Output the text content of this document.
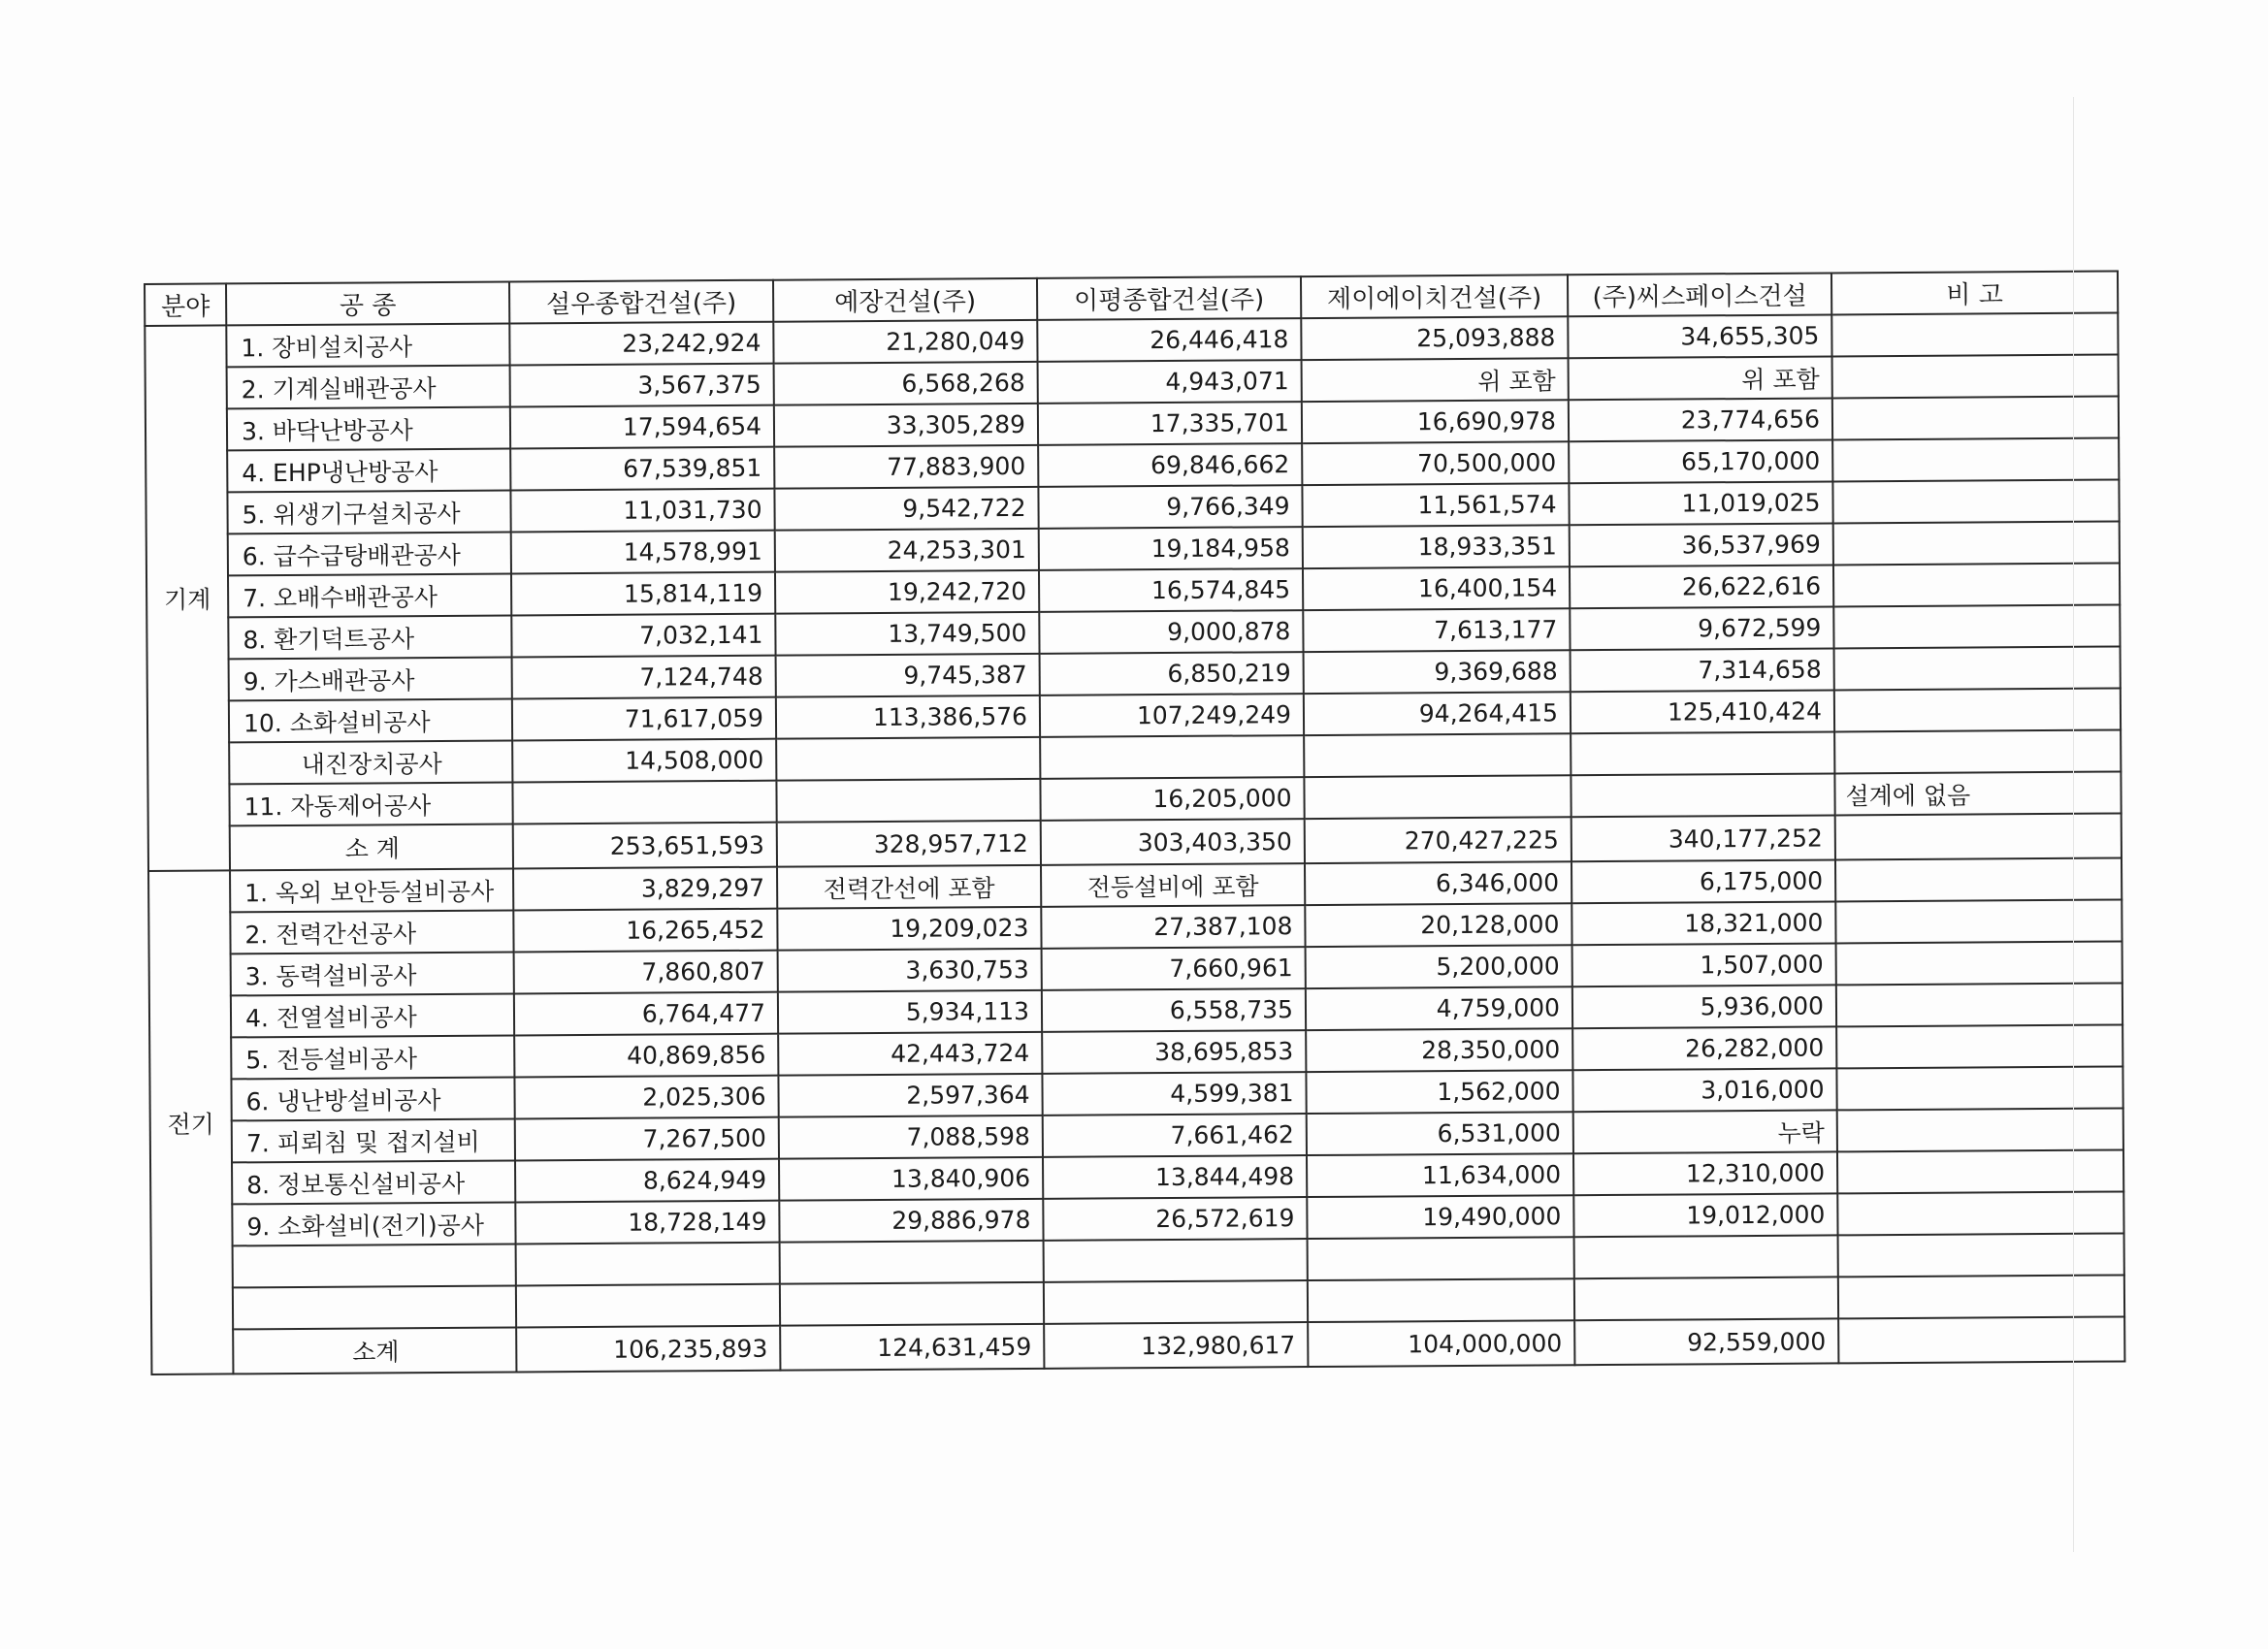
분야	공 종	설우종합건설(주)	예장건설(주)	이평종합건설(주)	제이에이치건설(주)	(주)씨스페이스건설	비 고
기계	1. 장비설치공사	23,242,924	21,280,049	26,446,418	25,093,888	34,655,305	
	2. 기계실배관공사	3,567,375	6,568,268	4,943,071	위 포함	위 포함	
	3. 바닥난방공사	17,594,654	33,305,289	17,335,701	16,690,978	23,774,656	
	4. EHP냉난방공사	67,539,851	77,883,900	69,846,662	70,500,000	65,170,000	
	5. 위생기구설치공사	11,031,730	9,542,722	9,766,349	11,561,574	11,019,025	
	6. 급수급탕배관공사	14,578,991	24,253,301	19,184,958	18,933,351	36,537,969	
	7. 오배수배관공사	15,814,119	19,242,720	16,574,845	16,400,154	26,622,616	
	8. 환기덕트공사	7,032,141	13,749,500	9,000,878	7,613,177	9,672,599	
	9. 가스배관공사	7,124,748	9,745,387	6,850,219	9,369,688	7,314,658	
	10. 소화설비공사	71,617,059	113,386,576	107,249,249	94,264,415	125,410,424	
	내진장치공사	14,508,000					
	11. 자동제어공사			16,205,000			설계에 없음
	소 계	253,651,593	328,957,712	303,403,350	270,427,225	340,177,252	
전기	1. 옥외 보안등설비공사	3,829,297	전력간선에 포함	전등설비에 포함	6,346,000	6,175,000	
	2. 전력간선공사	16,265,452	19,209,023	27,387,108	20,128,000	18,321,000	
	3. 동력설비공사	7,860,807	3,630,753	7,660,961	5,200,000	1,507,000	
	4. 전열설비공사	6,764,477	5,934,113	6,558,735	4,759,000	5,936,000	
	5. 전등설비공사	40,869,856	42,443,724	38,695,853	28,350,000	26,282,000	
	6. 냉난방설비공사	2,025,306	2,597,364	4,599,381	1,562,000	3,016,000	
	7. 피뢰침 및 접지설비	7,267,500	7,088,598	7,661,462	6,531,000	누락	
	8. 정보통신설비공사	8,624,949	13,840,906	13,844,498	11,634,000	12,310,000	
	9. 소화설비(전기)공사	18,728,149	29,886,978	26,572,619	19,490,000	19,012,000	

	소계	106,235,893	124,631,459	132,980,617	104,000,000	92,559,000	
